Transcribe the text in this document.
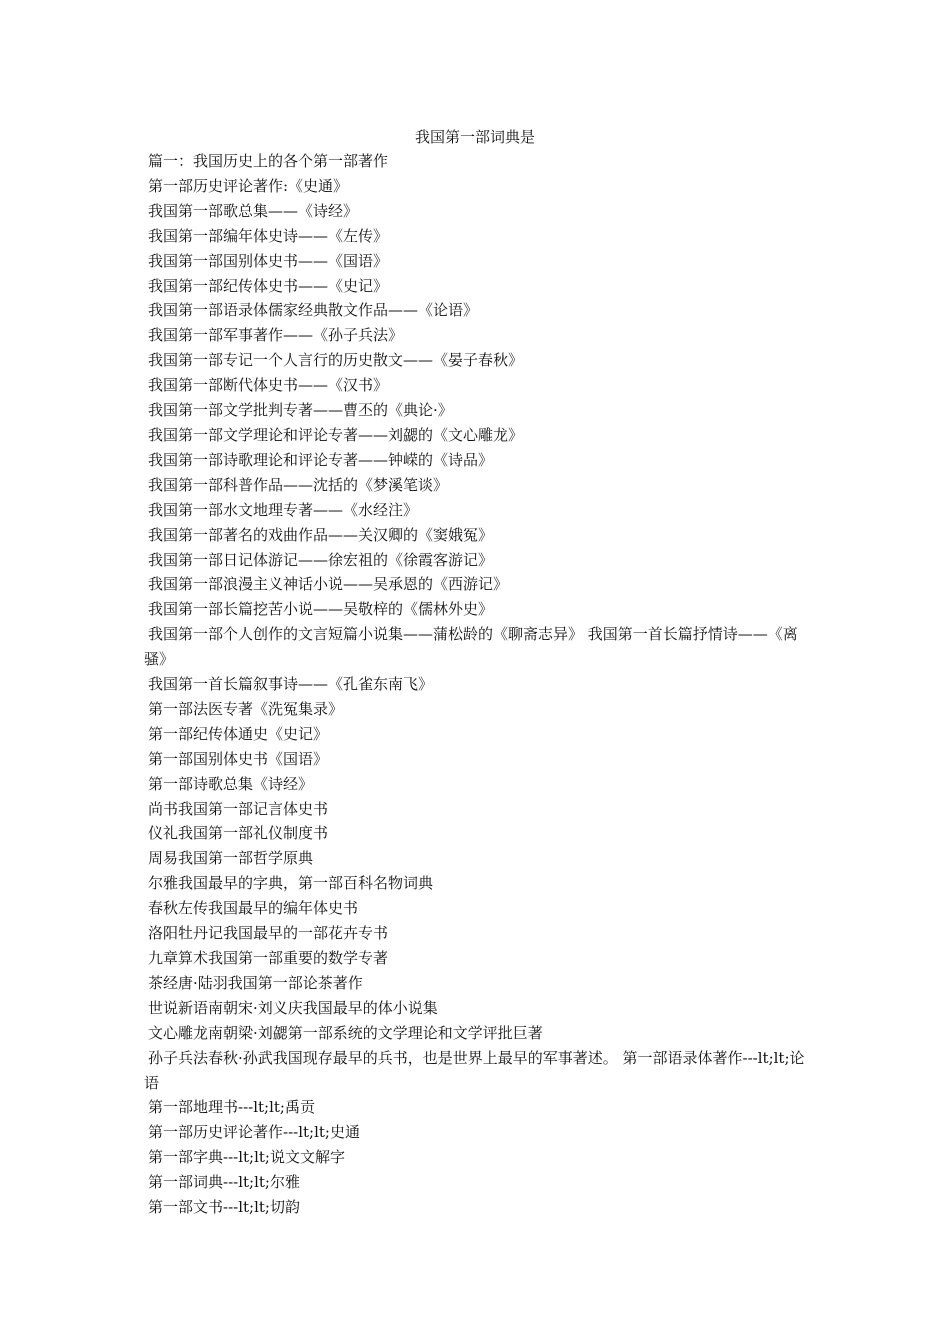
我国第一部词典是

篇一：我国历史上的各个第一部著作

第一部历史评论著作:《史通》

我国第一部歌总集——《诗经》

我国第一部编年体史诗——《左传》

我国第一部国别体史书——《国语》

我国第一部纪传体史书——《史记》

我国第一部语录体儒家经典散文作品——《论语》

我国第一部军事著作——《孙子兵法》

我国第一部专记一个人言行的历史散文——《晏子春秋》

我国第一部断代体史书——《汉书》

我国第一部文学批判专著——曹丕的《典论·》

我国第一部文学理论和评论专著——刘勰的《文心雕龙》

我国第一部诗歌理论和评论专著——钟嵘的《诗品》

我国第一部科普作品——沈括的《梦溪笔谈》

我国第一部水文地理专著——《水经注》

我国第一部著名的戏曲作品——关汉卿的《窦娥冤》

我国第一部日记体游记——徐宏祖的《徐霞客游记》

我国第一部浪漫主义神话小说——吴承恩的《西游记》

我国第一部长篇挖苦小说——吴敬梓的《儒林外史》

我国第一部个人创作的文言短篇小说集——蒲松龄的《聊斋志异》 我国第一首长篇抒情诗——《离骚》

我国第一首长篇叙事诗——《孔雀东南飞》

第一部法医专著《洗冤集录》

第一部纪传体通史《史记》

第一部国别体史书《国语》

第一部诗歌总集《诗经》

尚书我国第一部记言体史书

仪礼我国第一部礼仪制度书

周易我国第一部哲学原典

尔雅我国最早的字典，第一部百科名物词典

春秋左传我国最早的编年体史书

洛阳牡丹记我国最早的一部花卉专书

九章算术我国第一部重要的数学专著

茶经唐·陆羽我国第一部论茶著作

世说新语南朝宋·刘义庆我国最早的体小说集

文心雕龙南朝梁·刘勰第一部系统的文学理论和文学评批巨著

孙子兵法春秋·孙武我国现存最早的兵书，也是世界上最早的军事著述。 第一部语录体著作---lt;lt;论语

第一部地理书---lt;lt;禹贡

第一部历史评论著作---lt;lt;史通

第一部字典---lt;lt;说文文解字

第一部词典---lt;lt;尔雅

第一部文书---lt;lt;切韵
